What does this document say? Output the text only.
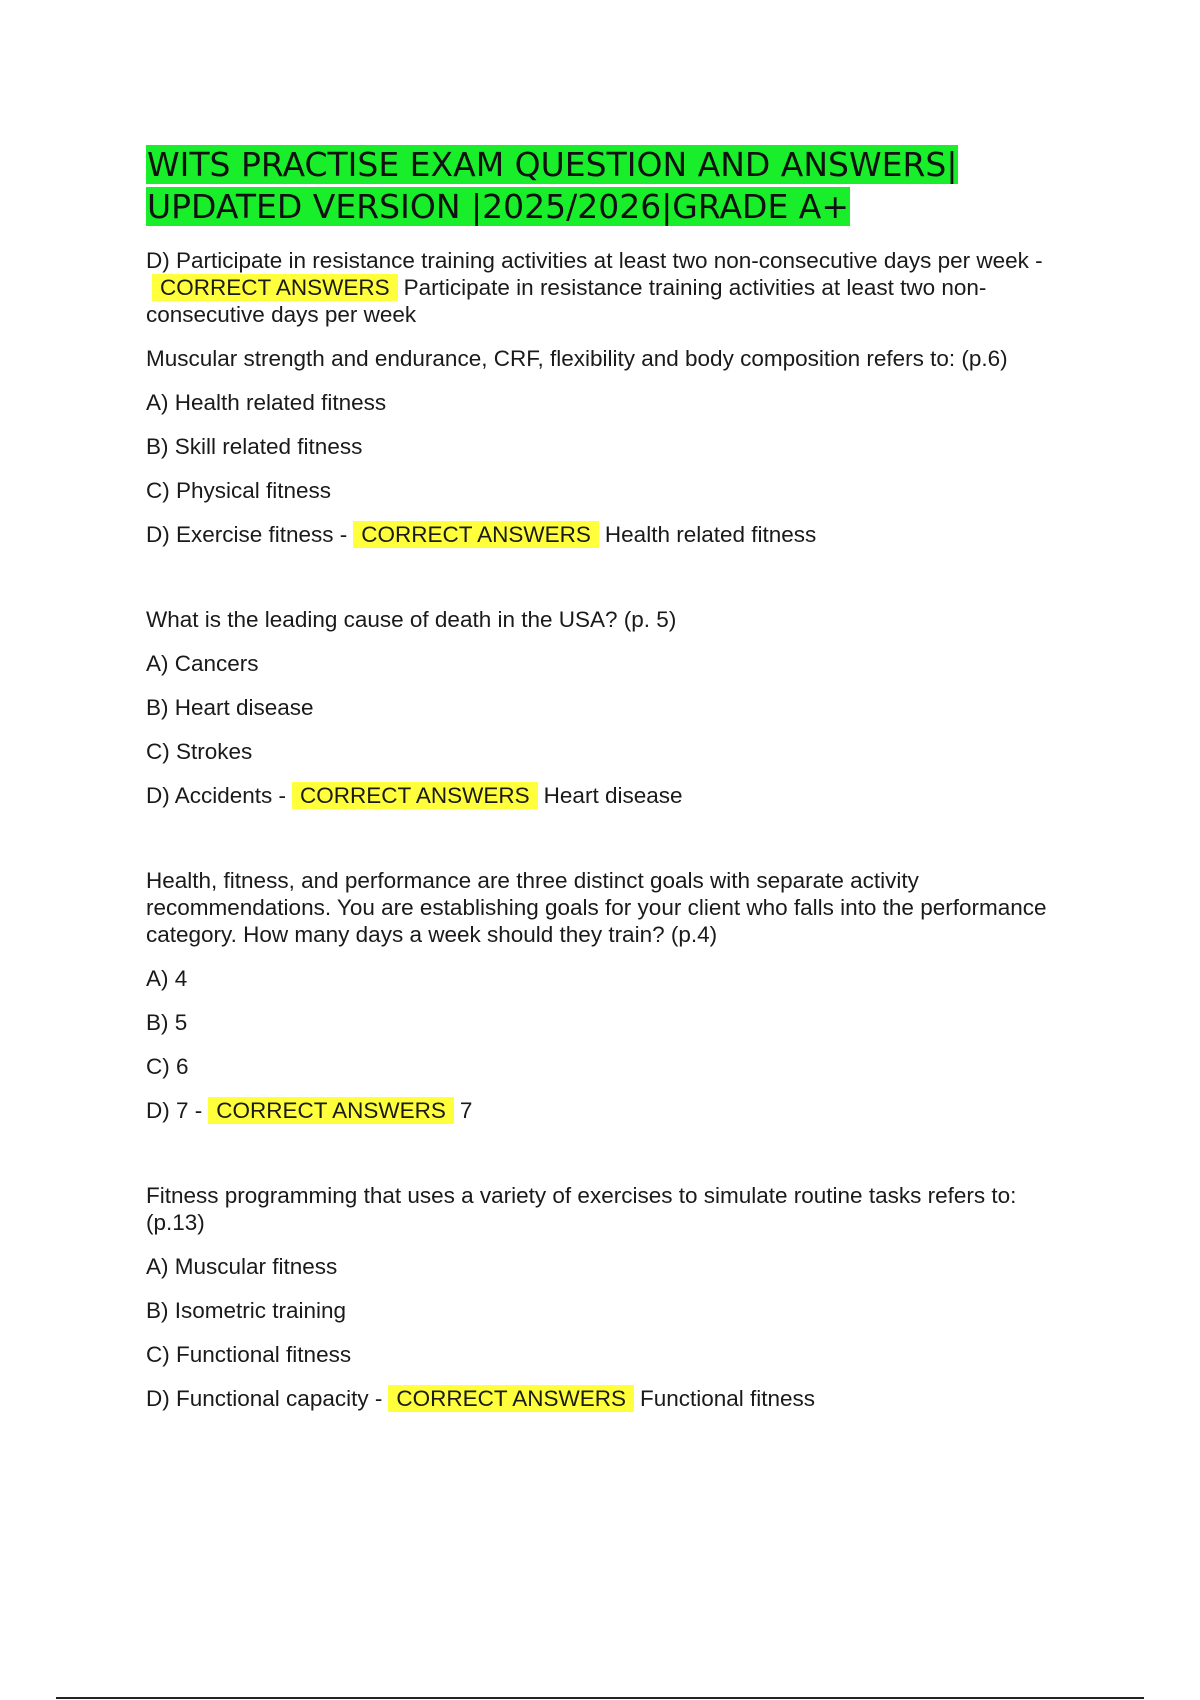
WITS PRACTISE EXAM QUESTION AND ANSWERS|
UPDATED VERSION |2025/2026|GRADE A+

D) Participate in resistance training activities at least two non-consecutive days per week -CORRECT ANSWERS Participate in resistance training activities at least two non-consecutive days per week

Muscular strength and endurance, CRF, flexibility and body composition refers to: (p.6)

A) Health related fitness

B) Skill related fitness

C) Physical fitness

D) Exercise fitness - CORRECT ANSWERS Health related fitness

What is the leading cause of death in the USA? (p. 5)

A) Cancers

B) Heart disease

C) Strokes

D) Accidents - CORRECT ANSWERS Heart disease

Health, fitness, and performance are three distinct goals with separate activity recommendations. You are establishing goals for your client who falls into the performance category. How many days a week should they train? (p.4)

A) 4

B) 5

C) 6

D) 7 - CORRECT ANSWERS 7

Fitness programming that uses a variety of exercises to simulate routine tasks refers to: (p.13)

A) Muscular fitness

B) Isometric training

C) Functional fitness

D) Functional capacity - CORRECT ANSWERS Functional fitness
